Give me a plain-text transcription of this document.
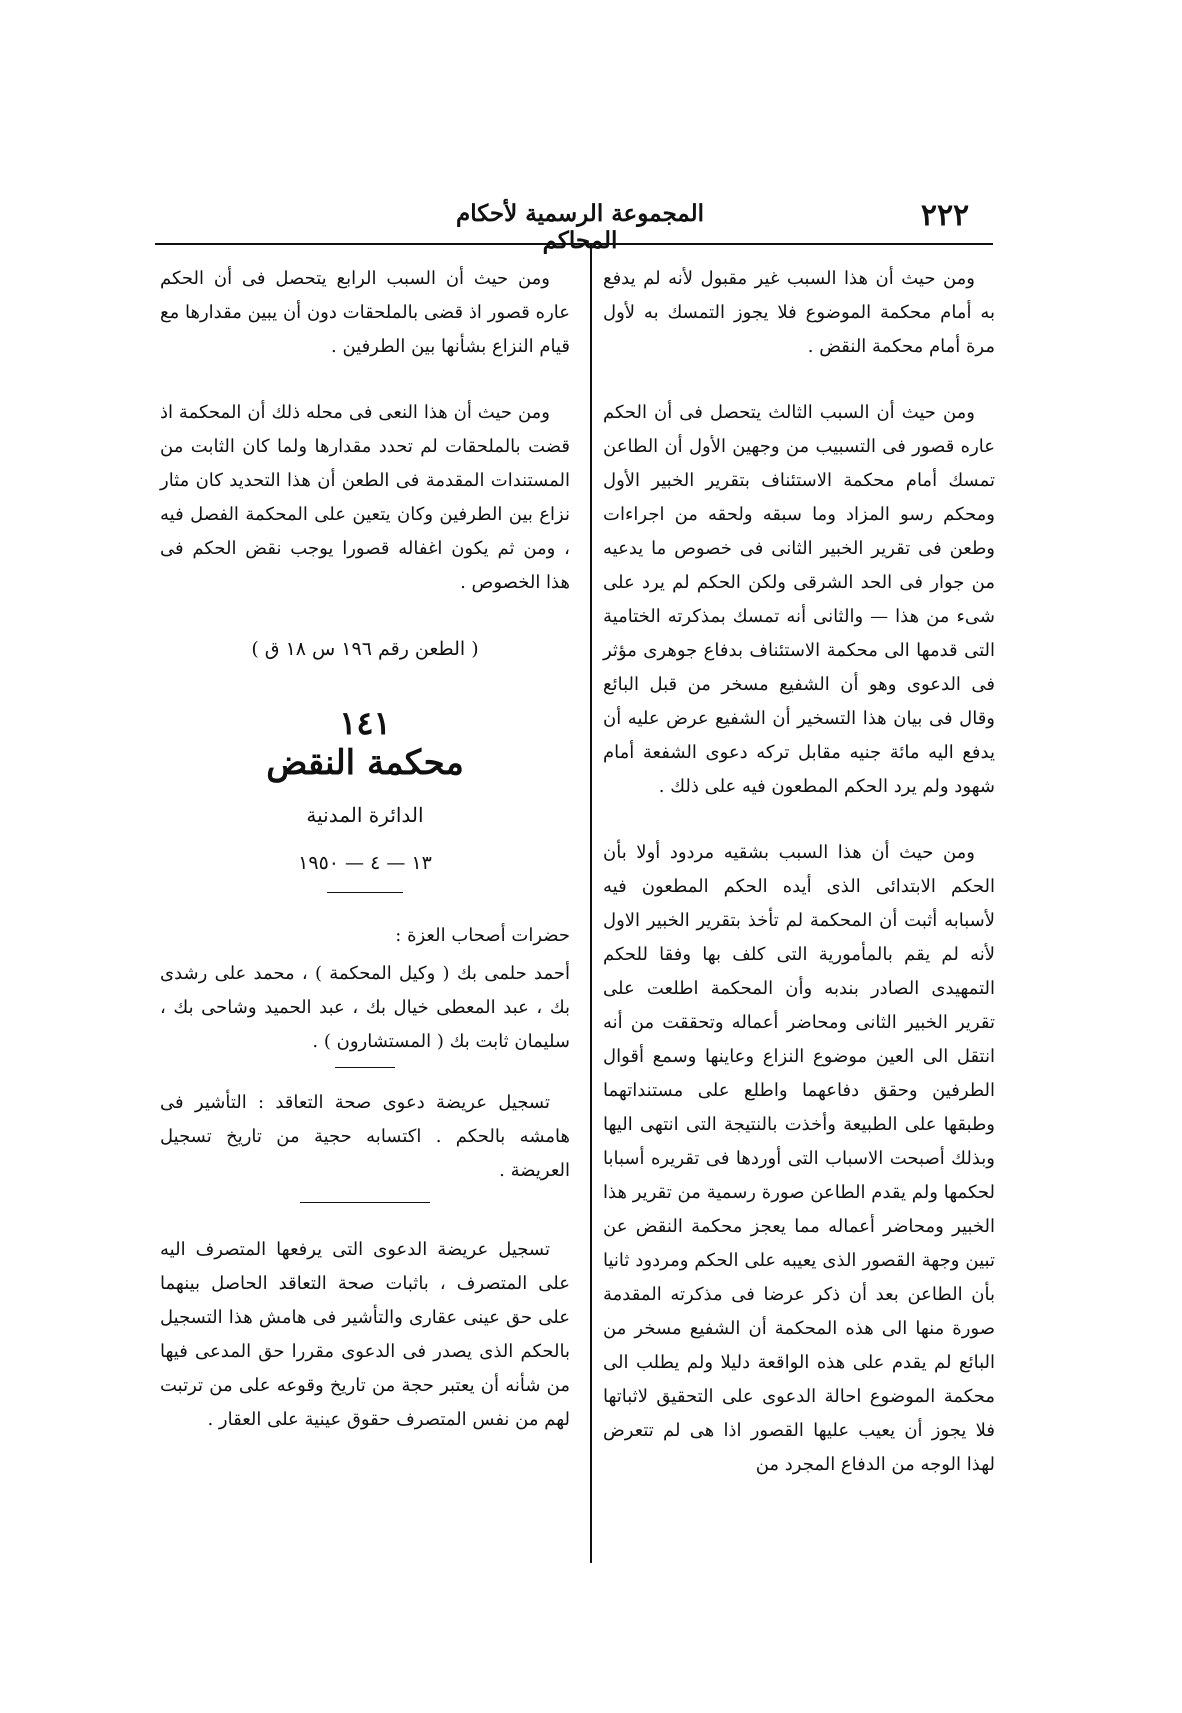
٢٢٢
المجموعة الرسمية لأحكام المحاكم

ومن حيث أن هذا السبب غير مقبول لأنه لم يدفع به أمام محكمة الموضوع فلا يجوز التمسك به لأول مرة أمام محكمة النقض .

ومن حيث أن السبب الثالث يتحصل فى أن الحكم عاره قصور فى التسبيب من وجهين الأول أن الطاعن تمسك أمام محكمة الاستئناف بتقرير الخبير الأول ومحكم رسو المزاد وما سبقه ولحقه من اجراءات وطعن فى تقرير الخبير الثانى فى خصوص ما يدعيه من جوار فى الحد الشرقى ولكن الحكم لم يرد على شىء من هذا — والثانى أنه تمسك بمذكرته الختامية التى قدمها الى محكمة الاستئناف بدفاع جوهرى مؤثر فى الدعوى وهو أن الشفيع مسخر من قبل البائع وقال فى بيان هذا التسخير أن الشفيع عرض عليه أن يدفع اليه مائة جنيه مقابل تركه دعوى الشفعة أمام شهود ولم يرد الحكم المطعون فيه على ذلك .

ومن حيث أن هذا السبب بشقيه مردود أولا بأن الحكم الابتدائى الذى أيده الحكم المطعون فيه لأسبابه أثبت أن المحكمة لم تأخذ بتقرير الخبير الاول لأنه لم يقم بالمأمورية التى كلف بها وفقا للحكم التمهيدى الصادر بندبه وأن المحكمة اطلعت على تقرير الخبير الثانى ومحاضر أعماله وتحققت من أنه انتقل الى العين موضوع النزاع وعاينها وسمع أقوال الطرفين وحقق دفاعهما واطلع على مستنداتهما وطبقها على الطبيعة وأخذت بالنتيجة التى انتهى اليها وبذلك أصبحت الاسباب التى أوردها فى تقريره أسبابا لحكمها ولم يقدم الطاعن صورة رسمية من تقرير هذا الخبير ومحاضر أعماله مما يعجز محكمة النقض عن تبين وجهة القصور الذى يعيبه على الحكم ومردود ثانيا بأن الطاعن بعد أن ذكر عرضا فى مذكرته المقدمة صورة منها الى هذه المحكمة أن الشفيع مسخر من البائع لم يقدم على هذه الواقعة دليلا ولم يطلب الى محكمة الموضوع احالة الدعوى على التحقيق لاثباتها فلا يجوز أن يعيب عليها القصور اذا هى لم تتعرض لهذا الوجه من الدفاع المجرد من

ومن حيث أن السبب الرابع يتحصل فى أن الحكم عاره قصور اذ قضى بالملحقات دون أن يبين مقدارها مع قيام النزاع بشأنها بين الطرفين .

ومن حيث أن هذا النعى فى محله ذلك أن المحكمة اذ قضت بالملحقات لم تحدد مقدارها ولما كان الثابت من المستندات المقدمة فى الطعن أن هذا التحديد كان مثار نزاع بين الطرفين وكان يتعين على المحكمة الفصل فيه ، ومن ثم يكون اغفاله قصورا يوجب نقض الحكم فى هذا الخصوص .

( الطعن رقم ١٩٦ س ١٨ ق )
١٤١
محكمة النقض
الدائرة المدنية
١٣ — ٤ — ١٩٥٠

حضرات أصحاب العزة :

أحمد حلمى بك ( وكيل المحكمة ) ، محمد على رشدى بك ، عبد المعطى خيال بك ، عبد الحميد وشاحى بك ، سليمان ثابت بك ( المستشارون ) .

تسجيل عريضة دعوى صحة التعاقد : التأشير فى هامشه بالحكم . اكتسابه حجية من تاريخ تسجيل العريضة .

تسجيل عريضة الدعوى التى يرفعها المتصرف اليه على المتصرف ، باثبات صحة التعاقد الحاصل بينهما على حق عينى عقارى والتأشير فى هامش هذا التسجيل بالحكم الذى يصدر فى الدعوى مقررا حق المدعى فيها من شأنه أن يعتبر حجة من تاريخ وقوعه على من ترتبت لهم من نفس المتصرف حقوق عينية على العقار .
